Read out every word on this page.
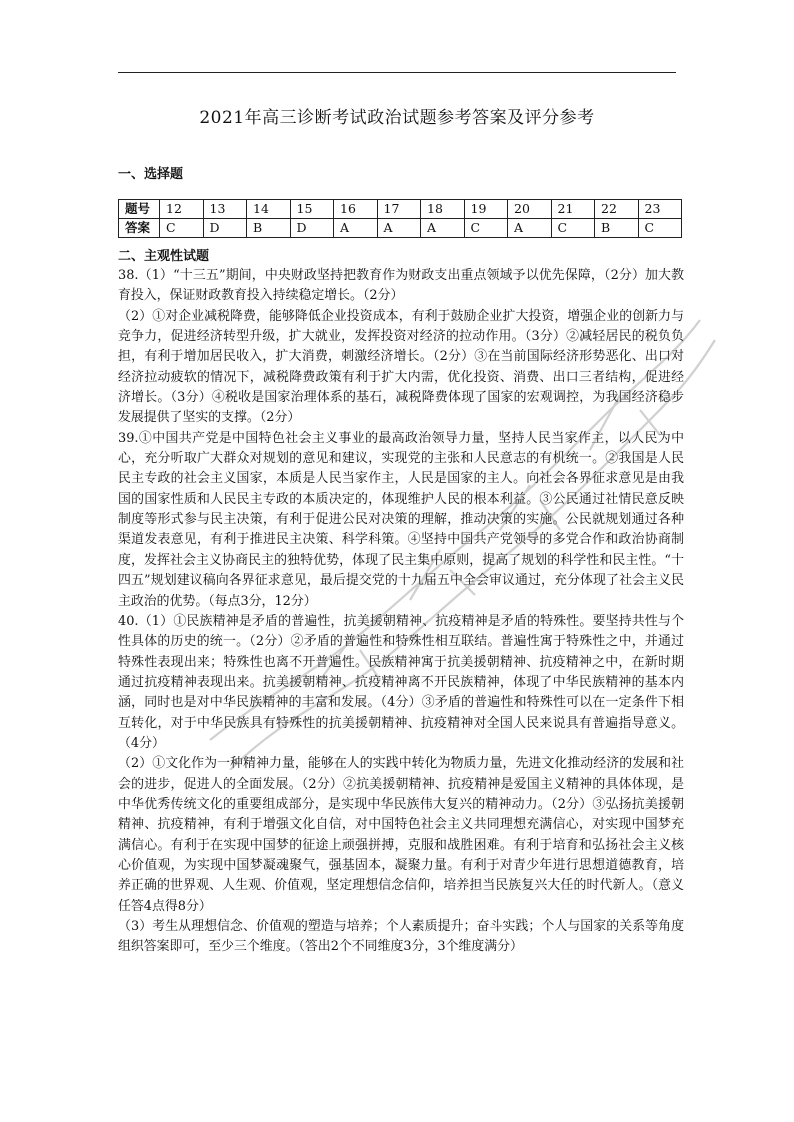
2021年高三诊断考试政治试题参考答案及评分参考
一、选择题
题号	12	13	14	15	16	17	18	19	20	21	22	23
答案	C	D	B	D	A	A	A	C	A	C	B	C
二、主观性试题

38.（1）“十三五”期间，中央财政坚持把教育作为财政支出重点领域予以优先保障，（2分）加大教育投入，保证财政教育投入持续稳定增长。（2分）

（2）①对企业减税降费，能够降低企业投资成本，有利于鼓励企业扩大投资，增强企业的创新力与竞争力，促进经济转型升级，扩大就业，发挥投资对经济的拉动作用。（3分）②减轻居民的税负负担，有利于增加居民收入，扩大消费，刺激经济增长。（2分）③在当前国际经济形势恶化、出口对经济拉动疲软的情况下，减税降费政策有利于扩大内需，优化投资、消费、出口三者结构，促进经济增长。（3分）④税收是国家治理体系的基石，减税降费体现了国家的宏观调控，为我国经济稳步发展提供了坚实的支撑。（2分）

39.①中国共产党是中国特色社会主义事业的最高政治领导力量，坚持人民当家作主，以人民为中心，充分听取广大群众对规划的意见和建议，实现党的主张和人民意志的有机统一。②我国是人民民主专政的社会主义国家，本质是人民当家作主，人民是国家的主人。向社会各界征求意见是由我国的国家性质和人民民主专政的本质决定的，体现维护人民的根本利益。③公民通过社情民意反映制度等形式参与民主决策，有利于促进公民对决策的理解，推动决策的实施。公民就规划通过各种渠道发表意见，有利于推进民主决策、科学科策。④坚持中国共产党领导的多党合作和政治协商制度，发挥社会主义协商民主的独特优势，体现了民主集中原则，提高了规划的科学性和民主性。“十四五”规划建议稿向各界征求意见，最后提交党的十九届五中全会审议通过，充分体现了社会主义民主政治的优势。（每点3分，12分）

40.（1）①民族精神是矛盾的普遍性，抗美援朝精神、抗疫精神是矛盾的特殊性。要坚持共性与个性具体的历史的统一。（2分）②矛盾的普遍性和特殊性相互联结。普遍性寓于特殊性之中，并通过特殊性表现出来；特殊性也离不开普遍性。民族精神寓于抗美援朝精神、抗疫精神之中，在新时期通过抗疫精神表现出来。抗美援朝精神、抗疫精神离不开民族精神，体现了中华民族精神的基本内涵，同时也是对中华民族精神的丰富和发展。（4分）③矛盾的普遍性和特殊性可以在一定条件下相互转化，对于中华民族具有特殊性的抗美援朝精神、抗疫精神对全国人民来说具有普遍指导意义。（4分）

（2）①文化作为一种精神力量，能够在人的实践中转化为物质力量，先进文化推动经济的发展和社会的进步，促进人的全面发展。（2分）②抗美援朝精神、抗疫精神是爱国主义精神的具体体现，是中华优秀传统文化的重要组成部分，是实现中华民族伟大复兴的精神动力。（2分）③弘扬抗美援朝精神、抗疫精神，有利于增强文化自信，对中国特色社会主义共同理想充满信心，对实现中国梦充满信心。有利于在实现中国梦的征途上顽强拼搏，克服和战胜困难。有利于培育和弘扬社会主义核心价值观，为实现中国梦凝魂聚气，强基固本，凝聚力量。有利于对青少年进行思想道德教育，培养正确的世界观、人生观、价值观，坚定理想信念信仰，培养担当民族复兴大任的时代新人。（意义任答4点得8分）

（3）考生从理想信念、价值观的塑造与培养；个人素质提升；奋斗实践；个人与国家的关系等角度组织答案即可，至少三个维度。（答出2个不同维度3分，3个维度满分）
